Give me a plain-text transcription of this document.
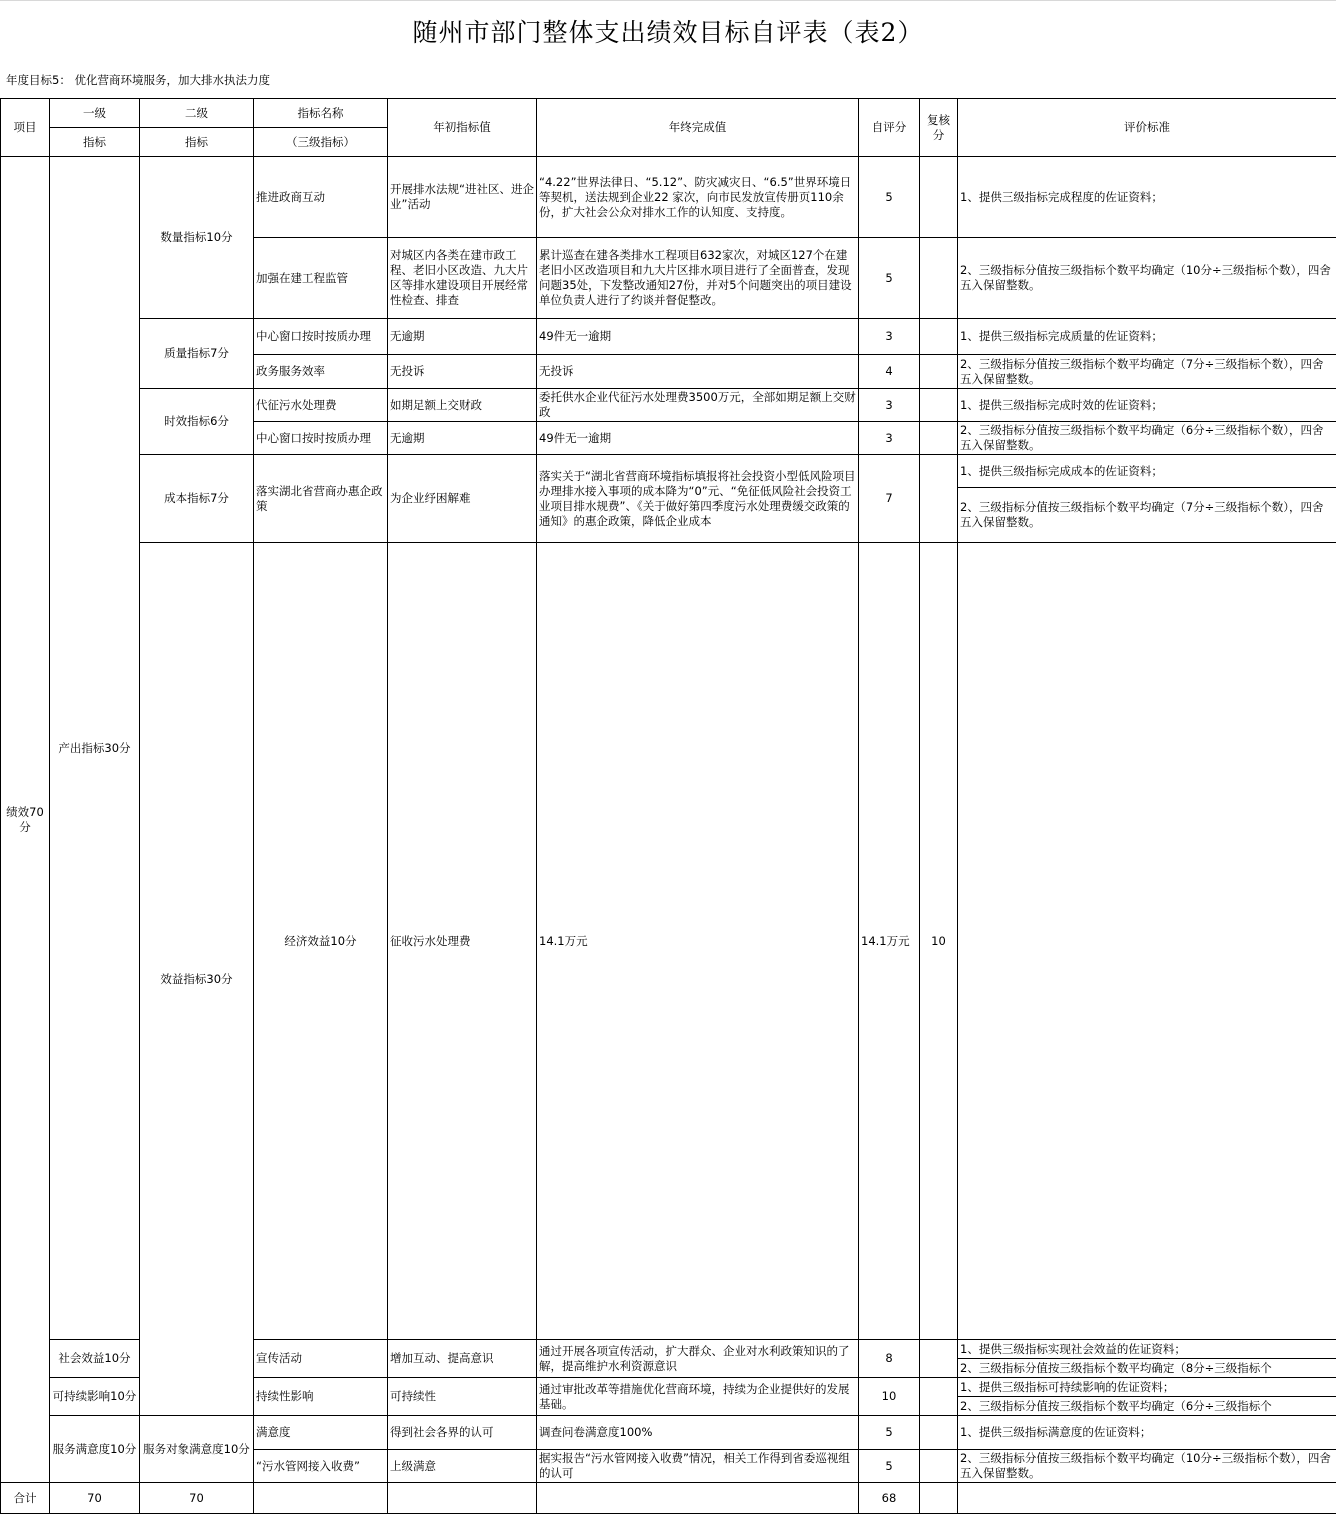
随州市部门整体支出绩效目标自评表（表2）
年度目标5： 优化营商环境服务，加大排水执法力度
项目	一级	二级	指标名称	年初指标值	年终完成值	自评分	复核分	评价标准	
	指标	指标	（三级指标）						
绩效70分	产出指标30分	数量指标10分	推进政商互动	开展排水法规“进社区、进企业”活动	“4.22”世界法律日、“5.12”、防灾减灾日、“6.5”世界环境日等契机，送法规到企业22 家次，向市民发放宣传册页110余份，扩大社会公众对排水工作的认知度、支持度。	5		1、提供三级指标完成程度的佐证资料；	
			加强在建工程监管	对城区内各类在建市政工程、老旧小区改造、九大片区等排水建设项目开展经常性检查、排查	累计巡查在建各类排水工程项目632家次，对城区127个在建老旧小区改造项目和九大片区排水项目进行了全面普查，发现问题35处，下发整改通知27份，并对5个问题突出的项目建设单位负责人进行了约谈并督促整改。	5		2、三级指标分值按三级指标个数平均确定（10分÷三级指标个数），四舍五入保留整数。	
		质量指标7分	中心窗口按时按质办理	无逾期	49件无一逾期	3		1、提供三级指标完成质量的佐证资料；	
			政务服务效率	无投诉	无投诉	4		2、三级指标分值按三级指标个数平均确定（7分÷三级指标个数），四舍五入保留整数。	
		时效指标6分	代征污水处理费	如期足额上交财政	委托供水企业代征污水处理费3500万元，全部如期足额上交财政	3		1、提供三级指标完成时效的佐证资料；	
			中心窗口按时按质办理	无逾期	49件无一逾期	3		2、三级指标分值按三级指标个数平均确定（6分÷三级指标个数），四舍五入保留整数。	
		成本指标7分	落实湖北省营商办惠企政策	为企业纾困解难	落实关于“湖北省营商环境指标填报将社会投资小型低风险项目办理排水接入事项的成本降为“0”元、“免征低风险社会投资工业项目排水规费”、《关于做好第四季度污水处理费缓交政策的通知》的惠企政策，降低企业成本	7		1、提供三级指标完成成本的佐证资料；	
								2、三级指标分值按三级指标个数平均确定（7分÷三级指标个数），四舍五入保留整数。	
		效益指标30分	经济效益10分	征收污水处理费	14.1万元	14.1万元	10		

	社会效益10分		宣传活动	增加互动、提高意识	通过开展各项宣传活动，扩大群众、企业对水利政策知识的了解，提高维护水利资源意识	8		1、提供三级指标实现社会效益的佐证资料；	
								2、三级指标分值按三级指标个数平均确定（8分÷三级指标个	
	可持续影响10分		持续性影响	可持续性	通过审批改革等措施优化营商环境，持续为企业提供好的发展基础。	10		1、提供三级指标可持续影响的佐证资料；	
								2、三级指标分值按三级指标个数平均确定（6分÷三级指标个	
	服务满意度10分	服务对象满意度10分	满意度	得到社会各界的认可	调查问卷满意度100%	5		1、提供三级指标满意度的佐证资料；	
			“污水管网接入收费”	上级满意	据实报告“污水管网接入收费”情况，相关工作得到省委巡视组的认可	5		2、三级指标分值按三级指标个数平均确定（10分÷三级指标个数），四舍五入保留整数。	
合计	70	70				68			
